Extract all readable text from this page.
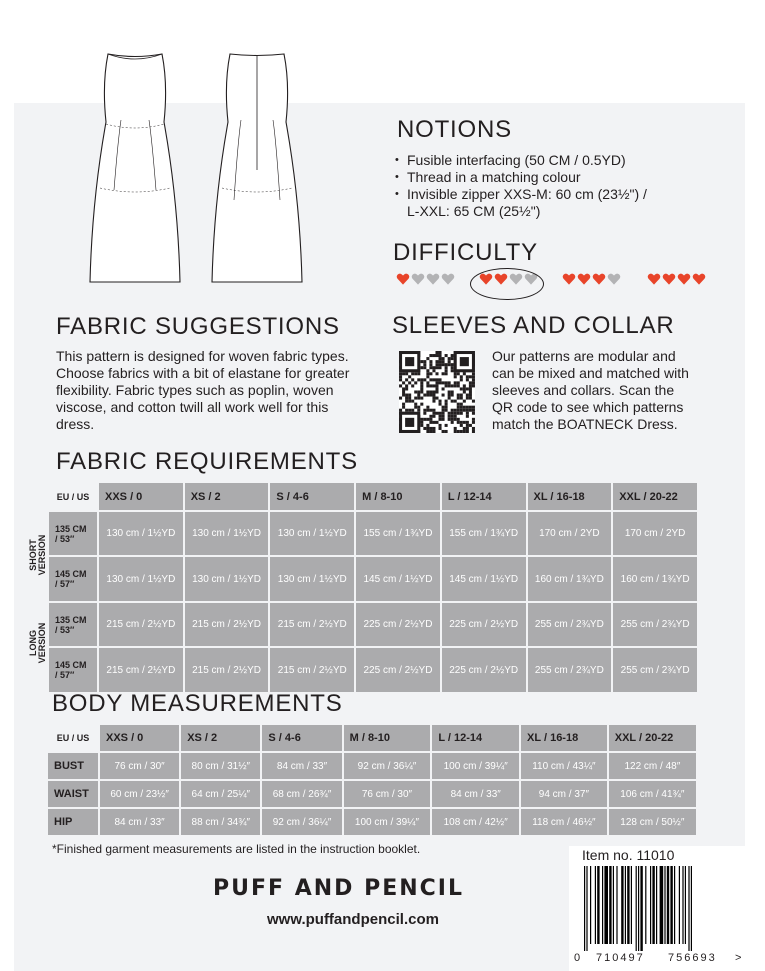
NOTIONS
• Fusible interfacing (50 CM / 0.5YD)
• Thread in a matching colour
• Invisible zipper XXS-M: 60 cm (23½") /
L-XXL: 65 CM (25½")
DIFFICULTY
FABRIC SUGGESTIONS
This pattern is designed for woven fabric types.
Choose fabrics with a bit of elastane for greater
flexibility. Fabric types such as poplin, woven
viscose, and cotton twill all work well for this
dress.
SLEEVES AND COLLAR
Our patterns are modular and
can be mixed and matched with
sleeves and collars. Scan the
QR code to see which patterns
match the BOATNECK Dress.
FABRIC REQUIREMENTS
EU / US	XXS / 0	XS / 2	S / 4-6	M / 8-10	L / 12-14	XL / 16-18	XXL / 20-22

135 CM
/ 53″	130 cm / 1½YD	130 cm / 1½YD	130 cm / 1½YD	155 cm / 1¾YD	155 cm / 1¾YD	170 cm / 2YD	170 cm / 2YD

145 CM
/ 57″	130 cm / 1½YD	130 cm / 1½YD	130 cm / 1½YD	145 cm / 1½YD	145 cm / 1½YD	160 cm / 1¾YD	160 cm / 1¾YD

135 CM
/ 53″	215 cm / 2½YD	215 cm / 2½YD	215 cm / 2½YD	225 cm / 2½YD	225 cm / 2½YD	255 cm / 2¾YD	255 cm / 2¾YD

145 CM
/ 57″	215 cm / 2½YD	215 cm / 2½YD	215 cm / 2½YD	225 cm / 2½YD	225 cm / 2½YD	255 cm / 2¾YD	255 cm / 2¾YD
SHORT VERSION
LONG VERSION
BODY MEASUREMENTS
EU / US	XXS / 0	XS / 2	S / 4-6	M / 8-10	L / 12-14	XL / 16-18	XXL / 20-22
BUST	76 cm / 30″	80 cm / 31½″	84 cm / 33″	92 cm / 36¼″	100 cm / 39¼″	110 cm / 43¼″	122 cm / 48″
WAIST	60 cm / 23½″	64 cm / 25¼″	68 cm / 26¾″	76 cm / 30″	84 cm / 33″	94 cm / 37″	106 cm / 41¾″
HIP	84 cm / 33″	88 cm / 34¾″	92 cm / 36¼″	100 cm / 39¼″	108 cm / 42½″	118 cm / 46½″	128 cm / 50½″
*Finished garment measurements are listed in the instruction booklet.
PUFF AND PENCIL
www.puffandpencil.com
Item no. 11010
0 710497 756693 >
